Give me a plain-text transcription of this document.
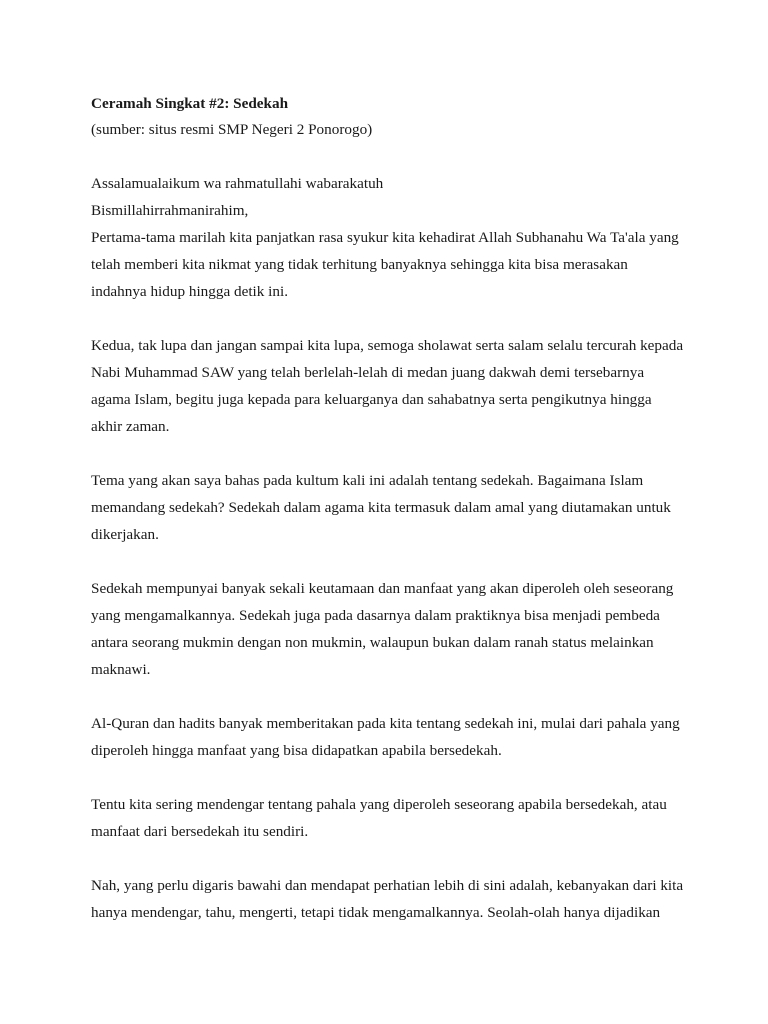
Ceramah Singkat #2: Sedekah

(sumber: situs resmi SMP Negeri 2 Ponorogo)

Assalamualaikum wa rahmatullahi wabarakatuh
Bismillahirrahmanirahim,
Pertama-tama marilah kita panjatkan rasa syukur kita kehadirat Allah Subhanahu Wa Ta'ala yang
telah memberi kita nikmat yang tidak terhitung banyaknya sehingga kita bisa merasakan
indahnya hidup hingga detik ini.
Kedua, tak lupa dan jangan sampai kita lupa, semoga sholawat serta salam selalu tercurah kepada
Nabi Muhammad SAW yang telah berlelah-lelah di medan juang dakwah demi tersebarnya
agama Islam, begitu juga kepada para keluarganya dan sahabatnya serta pengikutnya hingga
akhir zaman.
Tema yang akan saya bahas pada kultum kali ini adalah tentang sedekah. Bagaimana Islam
memandang sedekah? Sedekah dalam agama kita termasuk dalam amal yang diutamakan untuk
dikerjakan.
Sedekah mempunyai banyak sekali keutamaan dan manfaat yang akan diperoleh oleh seseorang
yang mengamalkannya. Sedekah juga pada dasarnya dalam praktiknya bisa menjadi pembeda
antara seorang mukmin dengan non mukmin, walaupun bukan dalam ranah status melainkan
maknawi.
Al-Quran dan hadits banyak memberitakan pada kita tentang sedekah ini, mulai dari pahala yang
diperoleh hingga manfaat yang bisa didapatkan apabila bersedekah.
Tentu kita sering mendengar tentang pahala yang diperoleh seseorang apabila bersedekah, atau
manfaat dari bersedekah itu sendiri.
Nah, yang perlu digaris bawahi dan mendapat perhatian lebih di sini adalah, kebanyakan dari kita
hanya mendengar, tahu, mengerti, tetapi tidak mengamalkannya. Seolah-olah hanya dijadikan
